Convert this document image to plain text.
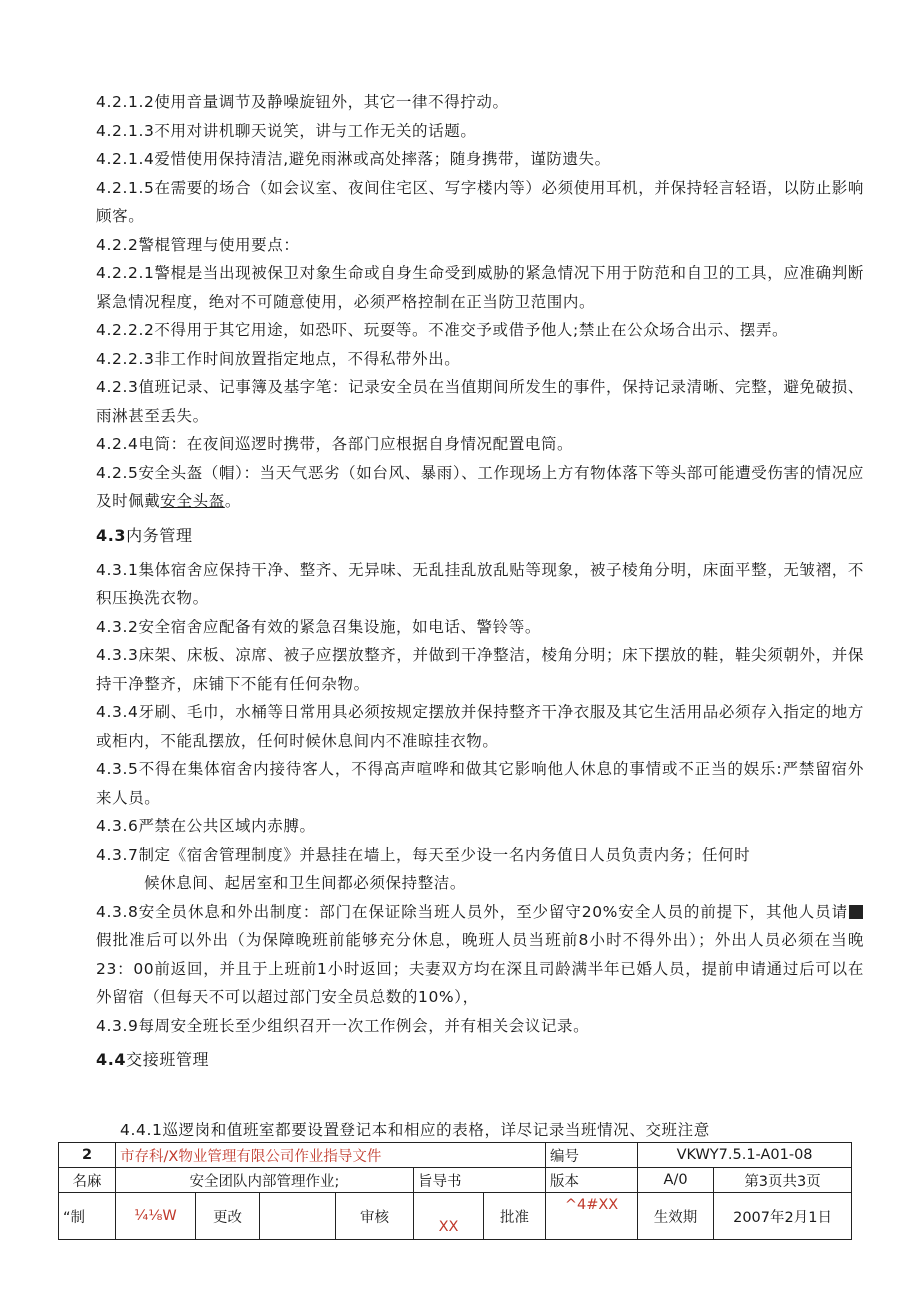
4.2.1.2使用音量调节及静噪旋钮外，其它一律不得拧动。

4.2.1.3不用对讲机聊天说笑，讲与工作无关的话题。

4.2.1.4爱惜使用保持清洁,避免雨淋或高处摔落；随身携带，谨防遗失。

4.2.1.5在需要的场合（如会议室、夜间住宅区、写字楼内等）必须使用耳机，并保持轻言轻语，以防止影响顾客。

4.2.2警棍管理与使用要点：

4.2.2.1警棍是当出现被保卫对象生命或自身生命受到威胁的紧急情况下用于防范和自卫的工具，应准确判断紧急情况程度，绝对不可随意使用，必须严格控制在正当防卫范围内。

4.2.2.2不得用于其它用途，如恐吓、玩耍等。不准交予或借予他人;禁止在公众场合出示、摆弄。

4.2.2.3非工作时间放置指定地点，不得私带外出。

4.2.3值班记录、记事簿及基字笔：记录安全员在当值期间所发生的事件，保持记录清晰、完整，避免破损、雨淋甚至丢失。

4.2.4电筒：在夜间巡逻时携带，各部门应根据自身情况配置电筒。

4.2.5安全头盔（帽）：当天气恶劣（如台风、暴雨）、工作现场上方有物体落下等头部可能遭受伤害的情况应及时佩戴安全头盔。

4.3内务管理

4.3.1集体宿舍应保持干净、整齐、无异味、无乱挂乱放乱贴等现象，被子棱角分明，床面平整，无皱褶，不积压换洗衣物。

4.3.2安全宿舍应配备有效的紧急召集设施，如电话、警铃等。

4.3.3床架、床板、凉席、被子应摆放整齐，并做到干净整洁，棱角分明；床下摆放的鞋，鞋尖须朝外，并保持干净整齐，床铺下不能有任何杂物。

4.3.4牙刷、毛巾，水桶等日常用具必须按规定摆放并保持整齐干净衣服及其它生活用品必须存入指定的地方或柜内，不能乱摆放，任何时候休息间内不准晾挂衣物。

4.3.5不得在集体宿舍内接待客人，不得高声喧哗和做其它影响他人休息的事情或不正当的娱乐:严禁留宿外来人员。

4.3.6严禁在公共区域内赤膊。

4.3.7制定《宿舍管理制度》并悬挂在墙上，每天至少设一名内务值日人员负责内务；任何时

候休息间、起居室和卫生间都必须保持整洁。

4.3.8安全员休息和外出制度：部门在保证除当班人员外，至少留守20%安全人员的前提下，其他人员请假批准后可以外出（为保障晚班前能够充分休息，晚班人员当班前8小时不得外出）；外出人员必须在当晚23：00前返回，并且于上班前1小时返回；夫妻双方均在深且司龄满半年已婚人员，提前申请通过后可以在外留宿（但每天不可以超过部门安全员总数的10%），

4.3.9每周安全班长至少组织召开一次工作例会，并有相关会议记录。

4.4交接班管理

4.4.1巡逻岗和值班室都要设置登记本和相应的表格，详尽记录当班情况、交班注意
2	市存科/X物业管理有限公司作业指导文件						编号	VKWY7.5.1-A01-08	
名麻	安全团队内部管理作业;				旨导书		版本	A/0	第3页共3页
“制	¼⅛W	更改		审核	XX	批准	^4#XX	生效期	2007年2月1日
